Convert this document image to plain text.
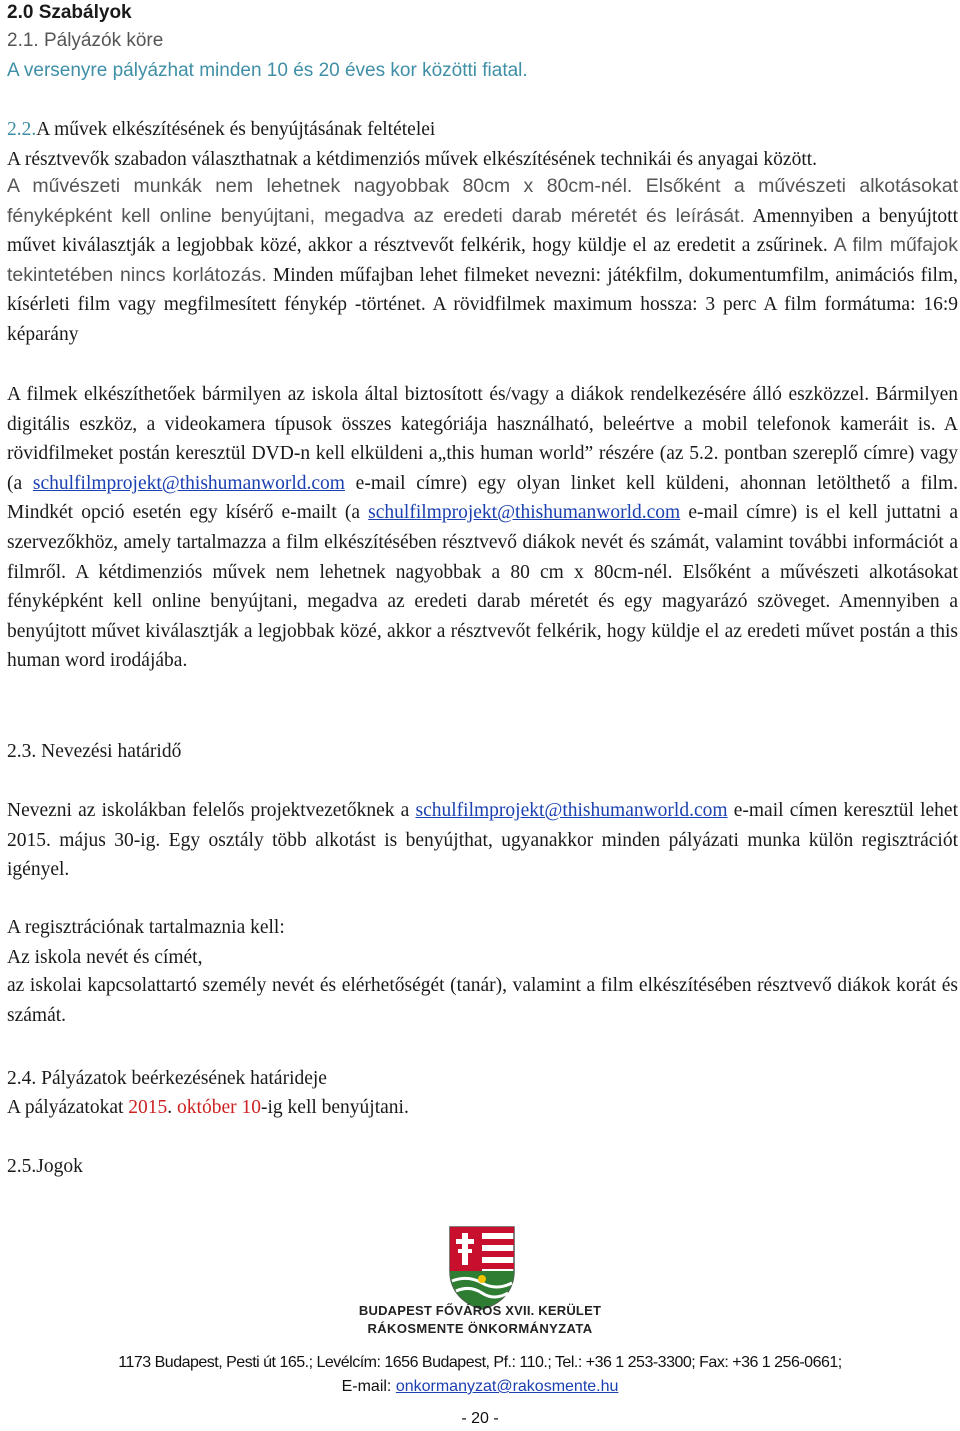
2.0 Szabályok
2.1. Pályázók köre
A versenyre pályázhat minden 10 és 20 éves kor közötti fiatal.
2.2.A művek elkészítésének és benyújtásának feltételei
A résztvevők szabadon választhatnak a kétdimenziós művek elkészítésének technikái és anyagai között.
A művészeti munkák nem lehetnek nagyobbak 80cm x 80cm-nél. Elsőként a művészeti alkotásokat fényképként kell online benyújtani, megadva az eredeti darab méretét és leírását. Amennyiben a benyújtott művet kiválasztják a legjobbak közé, akkor a résztvevőt felkérik, hogy küldje el az eredetit a zsűrinek. A film műfajok tekintetében nincs korlátozás. Minden műfajban lehet filmeket nevezni: játékfilm, dokumentumfilm, animációs film, kísérleti film vagy megfilmesített fénykép -történet. A rövidfilmek maximum hossza: 3 perc A film formátuma: 16:9 képarány
A filmek elkészíthetőek bármilyen az iskola által biztosított és/vagy a diákok rendelkezésére álló eszközzel. Bármilyen digitális eszköz, a videokamera típusok összes kategóriája használható, beleértve a mobil telefonok kameráit is. A rövidfilmeket postán keresztül DVD-n kell elküldeni a„this human world” részére (az 5.2. pontban szereplő címre) vagy (a schulfilmprojekt@thishumanworld.com e-mail címre) egy olyan linket kell küldeni, ahonnan letölthető a film. Mindkét opció esetén egy kísérő e-mailt (a schulfilmprojekt@thishumanworld.com e-mail címre) is el kell juttatni a szervezőkhöz, amely tartalmazza a film elkészítésében résztvevő diákok nevét és számát, valamint további információt a filmről. A kétdimenziós művek nem lehetnek nagyobbak a 80 cm x 80cm-nél. Elsőként a művészeti alkotásokat fényképként kell online benyújtani, megadva az eredeti darab méretét és egy magyarázó szöveget. Amennyiben a benyújtott művet kiválasztják a legjobbak közé, akkor a résztvevőt felkérik, hogy küldje el az eredeti művet postán a this human word irodájába.
2.3. Nevezési határidő
Nevezni az iskolákban felelős projektvezetőknek a schulfilmprojekt@thishumanworld.com e-mail címen keresztül lehet 2015. május 30-ig. Egy osztály több alkotást is benyújthat, ugyanakkor minden pályázati munka külön regisztrációt igényel.
A regisztrációnak tartalmaznia kell:
Az iskola nevét és címét,
az iskolai kapcsolattartó személy nevét és elérhetőségét (tanár), valamint a film elkészítésében résztvevő diákok korát és számát.
2.4. Pályázatok beérkezésének határideje
A pályázatokat 2015. október 10-ig kell benyújtani.
2.5.Jogok
BUDAPEST FŐVÁROS XVII. KERÜLET
RÁKOSMENTE ÖNKORMÁNYZATA
1173 Budapest, Pesti út 165.; Levélcím: 1656 Budapest, Pf.: 110.; Tel.: +36 1 253-3300; Fax: +36 1 256-0661;
E-mail: onkormanyzat@rakosmente.hu
- 20 -
